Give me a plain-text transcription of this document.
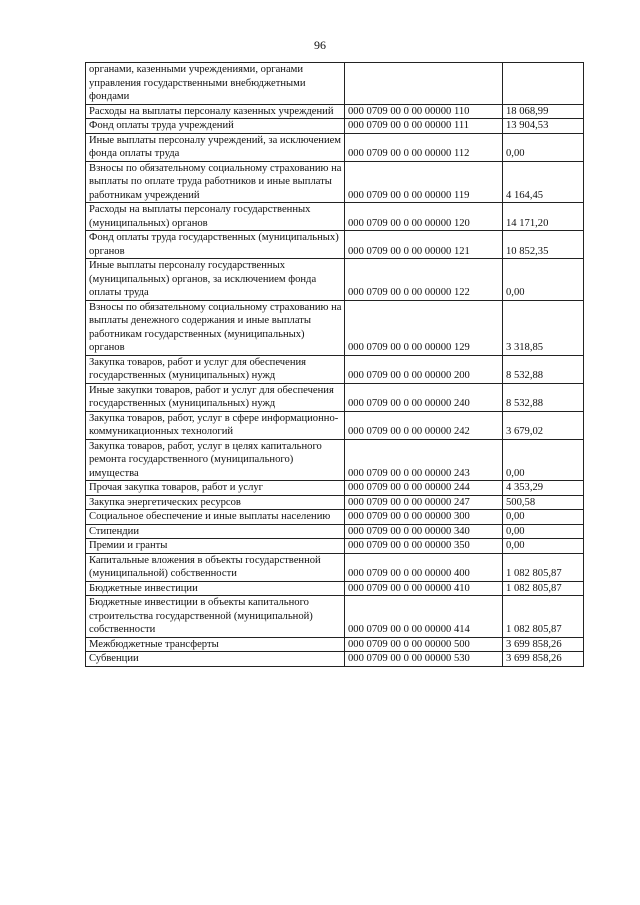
96
органами, казенными учреждениями, органами управления государственными внебюджетными фондами		
Расходы на выплаты персоналу казенных учреждений	000 0709 00 0 00 00000 110	18 068,99
Фонд оплаты труда учреждений	000 0709 00 0 00 00000 111	13 904,53
Иные выплаты персоналу учреждений, за исключением фонда оплаты труда	000 0709 00 0 00 00000 112	0,00
Взносы по обязательному социальному страхованию на выплаты по оплате труда работников и иные выплаты работникам учреждений	000 0709 00 0 00 00000 119	4 164,45
Расходы на выплаты персоналу государственных (муниципальных) органов	000 0709 00 0 00 00000 120	14 171,20
Фонд оплаты труда государственных (муниципальных) органов	000 0709 00 0 00 00000 121	10 852,35
Иные выплаты персоналу государственных (муниципальных) органов, за исключением фонда оплаты труда	000 0709 00 0 00 00000 122	0,00
Взносы по обязательному социальному страхованию на выплаты денежного содержания и иные выплаты работникам государственных (муниципальных) органов	000 0709 00 0 00 00000 129	3 318,85
Закупка товаров, работ и услуг для обеспечения государственных (муниципальных) нужд	000 0709 00 0 00 00000 200	8 532,88
Иные закупки товаров, работ и услуг для обеспечения государственных (муниципальных) нужд	000 0709 00 0 00 00000 240	8 532,88
Закупка товаров, работ, услуг в сфере информационно-коммуникационных технологий	000 0709 00 0 00 00000 242	3 679,02
Закупка товаров, работ, услуг в целях капитального ремонта государственного (муниципального) имущества	000 0709 00 0 00 00000 243	0,00
Прочая закупка товаров, работ и услуг	000 0709 00 0 00 00000 244	4 353,29
Закупка энергетических ресурсов	000 0709 00 0 00 00000 247	500,58
Социальное обеспечение и иные выплаты населению	000 0709 00 0 00 00000 300	0,00
Стипендии	000 0709 00 0 00 00000 340	0,00
Премии и гранты	000 0709 00 0 00 00000 350	0,00
Капитальные вложения в объекты государственной (муниципальной) собственности	000 0709 00 0 00 00000 400	1 082 805,87
Бюджетные инвестиции	000 0709 00 0 00 00000 410	1 082 805,87
Бюджетные инвестиции в объекты капитального строительства государственной (муниципальной) собственности	000 0709 00 0 00 00000 414	1 082 805,87
Межбюджетные трансферты	000 0709 00 0 00 00000 500	3 699 858,26
Субвенции	000 0709 00 0 00 00000 530	3 699 858,26
